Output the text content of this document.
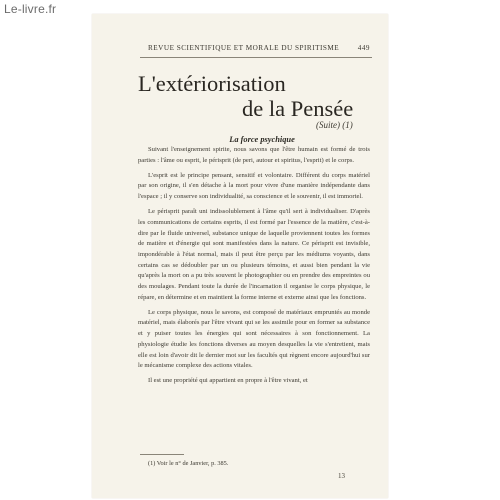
Le-livre.fr
REVUE SCIENTIFIQUE ET MORALE DU SPIRITISME	449
L'extériorisation
de la Pensée
(Suite) (1)
La force psychique

Suivant l'enseignement spirite, nous savons que l'être humain est formé de trois parties : l'âme ou esprit, le périsprit (de peri, autour et spiritus, l'esprit) et le corps.

L'esprit est le principe pensant, sensitif et volontaire. Différent du corps matériel par son origine, il s'en détache à la mort pour vivre d'une manière indépendante dans l'espace ; il y conserve son individualité, sa conscience et le souvenir, il est immortel.

Le périsprit paraît uni indissolublement à l'âme qu'il sert à individualiser. D'après les communications de certains esprits, il est formé par l'essence de la matière, c'est-à-dire par le fluide universel, substance unique de laquelle proviennent toutes les formes de matière et d'énergie qui sont manifestées dans la nature. Ce périsprit est invisible, impondérable à l'état normal, mais il peut être perçu par les médiums voyants, dans certains cas se dédoubler par un ou plusieurs témoins, et aussi bien pendant la vie qu'après la mort on a pu très souvent le photographier ou en prendre des empreintes ou des moulages. Pendant toute la durée de l'incarnation il organise le corps physique, le répare, en détermine et en maintient la forme interne et externe ainsi que les fonctions.

Le corps physique, nous le savons, est composé de matériaux empruntés au monde matériel, mais élaborés par l'être vivant qui se les assimile pour en former sa substance et y puiser toutes les énergies qui sont nécessaires à son fonctionnement. La physiologie étudie les fonctions diverses au moyen desquelles la vie s'entretient, mais elle est loin d'avoir dit le dernier mot sur les facultés qui règnent encore aujourd'hui sur le mécanisme complexe des actions vitales.

Il est une propriété qui appartient en propre à l'être vivant, et

(1) Voir le n° de Janvier, p. 385.
13
